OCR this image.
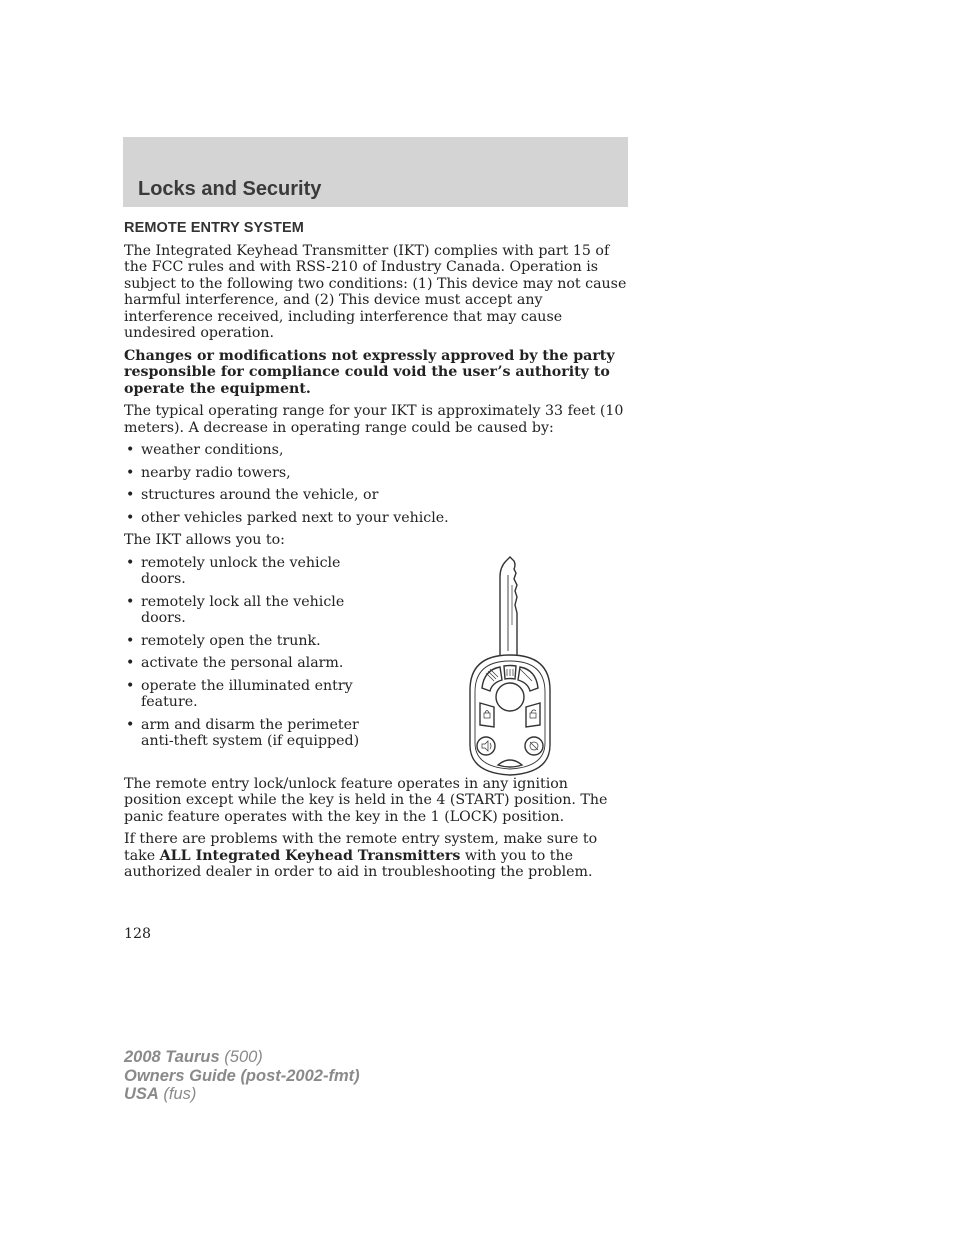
Locks and Security
REMOTE ENTRY SYSTEM

The Integrated Keyhead Transmitter (IKT) complies with part 15 of the FCC rules and with RSS-210 of Industry Canada. Operation is subject to the following two conditions: (1) This device may not cause harmful interference, and (2) This device must accept any interference received, including interference that may cause undesired operation.

Changes or modifications not expressly approved by the party responsible for compliance could void the user’s authority to operate the equipment.

The typical operating range for your IKT is approximately 33 feet (10 meters). A decrease in operating range could be caused by:

• weather conditions,
• nearby radio towers,
• structures around the vehicle, or
• other vehicles parked next to your vehicle.

The IKT allows you to:

• remotely unlock the vehicle doors.
• remotely lock all the vehicle doors.
• remotely open the trunk.
• activate the personal alarm.
• operate the illuminated entry feature.
• arm and disarm the perimeter anti-theft system (if equipped)

The remote entry lock/unlock feature operates in any ignition position except while the key is held in the 4 (START) position. The panic feature operates with the key in the 1 (LOCK) position.

If there are problems with the remote entry system, make sure to take ALL Integrated Keyhead Transmitters with you to the authorized dealer in order to aid in troubleshooting the problem.

128
2008 Taurus (500)
Owners Guide (post-2002-fmt)
USA (fus)
